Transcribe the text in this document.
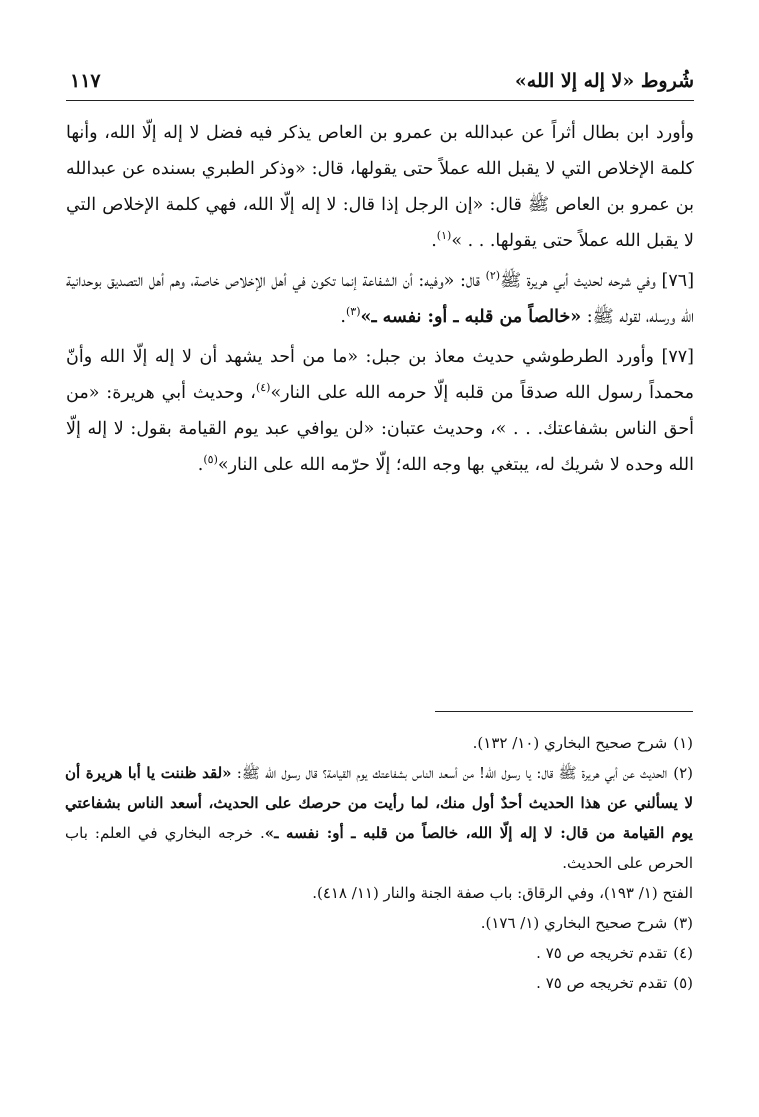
شُروط «لا إله إلا الله»
١١٧

وأورد ابن بطال أثراً عن عبدالله بن عمرو بن العاص يذكر فيه فضل لا إله إلّا الله، وأنها كلمة الإخلاص التي لا يقبل الله عملاً حتى يقولها، قال: «وذكر الطبري بسنده عن عبدالله بن عمرو بن العاص ﷺ قال: «إن الرجل إذا قال: لا إله إلّا الله، فهي كلمة الإخلاص التي لا يقبل الله عملاً حتى يقولها. . . »$^{(١)}$.

[٧٦] وفي شرحه لحديث أبي هريرة ﷺ$^{(٢)}$ قال: «وفيه: أن الشفاعة إنما تكون في أهل الإخلاص خاصة، وهم أهل التصديق بوحدانية الله ورسله، لقوله ﷺ: «خالصاً من قلبه ـ أو: نفسه ـ»$^{(٣)}$.

[٧٧] وأورد الطرطوشي حديث معاذ بن جبل: «ما من أحد يشهد أن لا إله إلّا الله وأنّ محمداً رسول الله صدقاً من قلبه إلّا حرمه الله على النار»$^{(٤)}$، وحديث أبي هريرة: «من أحق الناس بشفاعتك. . . »، وحديث عتبان: «لن يوافي عبد يوم القيامة بقول: لا إله إلّا الله وحده لا شريك له، يبتغي بها وجه الله؛ إلّا حرّمه الله على النار»$^{(٥)}$.

(١)شرح صحيح البخاري (١٠/ ١٣٢).

(٢)الحديث عن أبي هريرة ﷺ قال: يا رسول الله! من أسعد الناس بشفاعتك يوم القيامة؟ قال رسول الله ﷺ: «لقد ظننت يا أبا هريرة أن لا يسألني عن هذا الحديث أحدٌ أول منك، لما رأيت من حرصك على الحديث، أسعد الناس بشفاعتي يوم القيامة من قال: لا إله إلّا الله، خالصاً من قلبه ـ أو: نفسه ـ». خرجه البخاري في العلم: باب الحرص على الحديث.

الفتح (١/ ١٩٣)، وفي الرقاق: باب صفة الجنة والنار (١١/ ٤١٨).

(٣)شرح صحيح البخاري (١/ ١٧٦).

(٤)تقدم تخريجه ص ٧٥ .

(٥)تقدم تخريجه ص ٧٥ .
